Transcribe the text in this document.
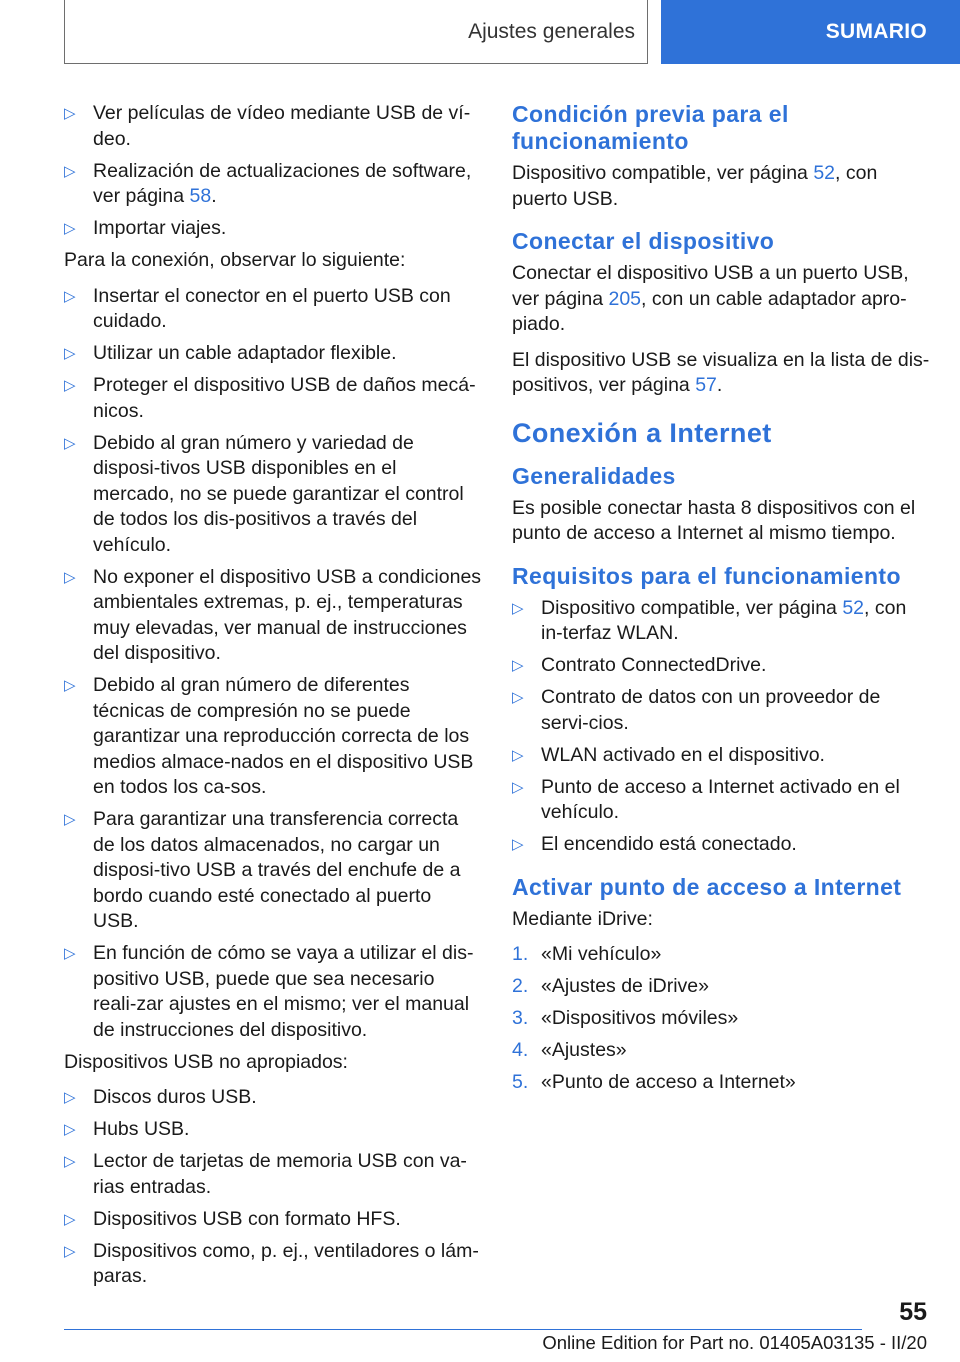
Ajustes generales	SUMARIO
▷ Ver películas de vídeo mediante USB de ví-deo.
▷ Realización de actualizaciones de software, ver página 58.
▷ Importar viajes.

Para la conexión, observar lo siguiente:

▷ Insertar el conector en el puerto USB con cuidado.
▷ Utilizar un cable adaptador flexible.
▷ Proteger el dispositivo USB de daños mecá-nicos.
▷ Debido al gran número y variedad de disposi-tivos USB disponibles en el mercado, no se puede garantizar el control de todos los dis-positivos a través del vehículo.
▷ No exponer el dispositivo USB a condiciones ambientales extremas, p. ej., temperaturas muy elevadas, ver manual de instrucciones del dispositivo.
▷ Debido al gran número de diferentes técnicas de compresión no se puede garantizar una reproducción correcta de los medios almace-nados en el dispositivo USB en todos los ca-sos.
▷ Para garantizar una transferencia correcta de los datos almacenados, no cargar un disposi-tivo USB a través del enchufe de a bordo cuando esté conectado al puerto USB.
▷ En función de cómo se vaya a utilizar el dis-positivo USB, puede que sea necesario reali-zar ajustes en el mismo; ver el manual de instrucciones del dispositivo.

Dispositivos USB no apropiados:

▷ Discos duros USB.
▷ Hubs USB.
▷ Lector de tarjetas de memoria USB con va-rias entradas.
▷ Dispositivos USB con formato HFS.
▷ Dispositivos como, p. ej., ventiladores o lám-paras.
Condición previa para el funcionamiento

Dispositivo compatible, ver página 52, con puerto USB.

Conectar el dispositivo

Conectar el dispositivo USB a un puerto USB, ver página 205, con un cable adaptador apro-piado.

El dispositivo USB se visualiza en la lista de dis-positivos, ver página 57.

Conexión a Internet
Generalidades

Es posible conectar hasta 8 dispositivos con el punto de acceso a Internet al mismo tiempo.

Requisitos para el funcionamiento
▷ Dispositivo compatible, ver página 52, con in-terfaz WLAN.
▷ Contrato ConnectedDrive.
▷ Contrato de datos con un proveedor de servi-cios.
▷ WLAN activado en el dispositivo.
▷ Punto de acceso a Internet activado en el vehículo.
▷ El encendido está conectado.
Activar punto de acceso a Internet

Mediante iDrive:

1. «Mi vehículo»
2. «Ajustes de iDrive»
3. «Dispositivos móviles»
4. «Ajustes»
5. «Punto de acceso a Internet»
55
Online Edition for Part no. 01405A03135 - II/20
